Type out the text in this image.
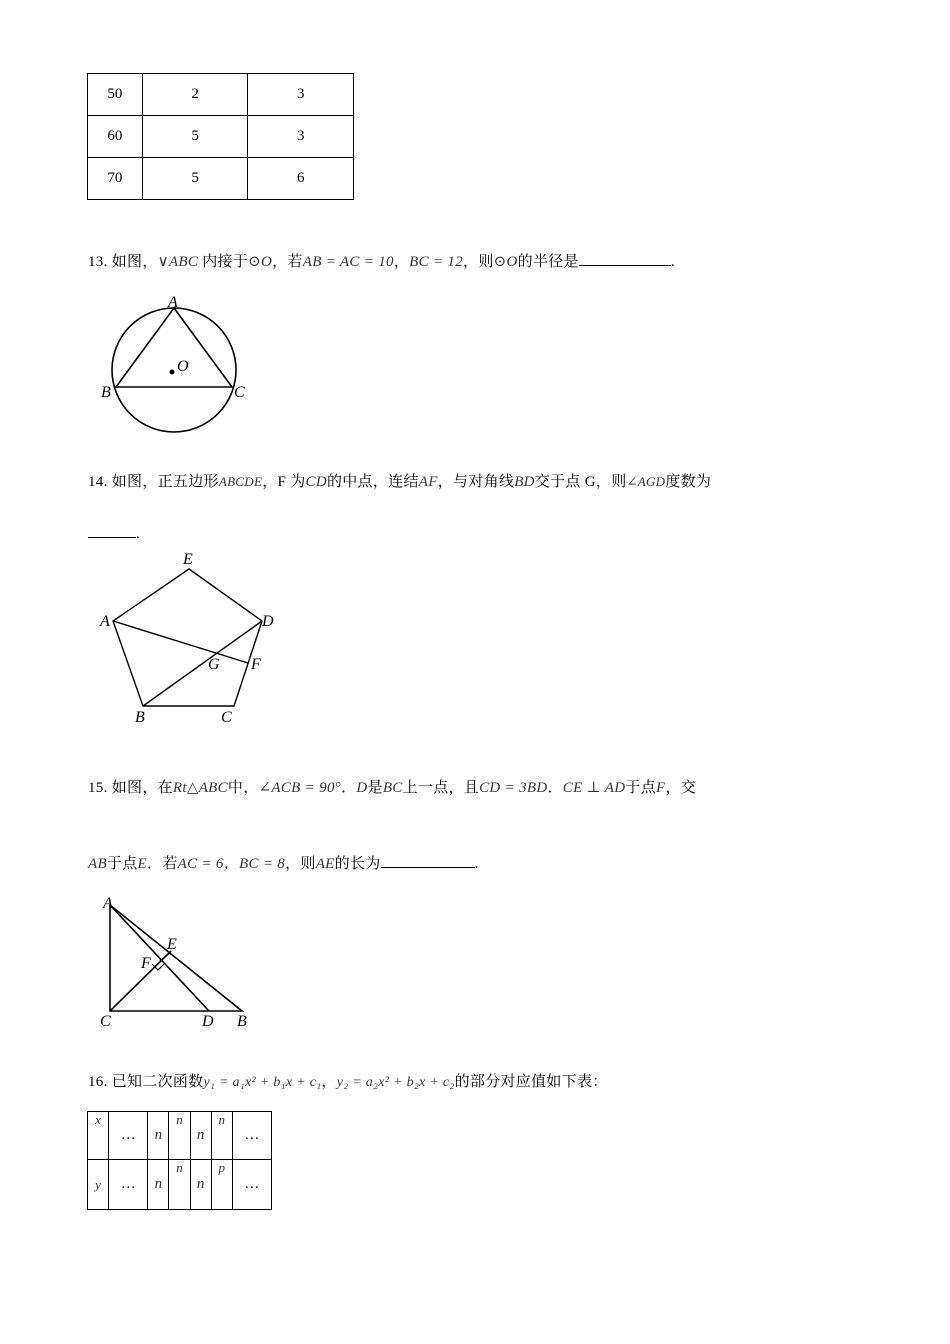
50	2	3
60	5	3
70	5	6
13. 如图，∨ABC 内接于⊙O，若AB = AC = 10，BC = 12，则⊙O的半径是	.
A
B	C
O
14. 如图，正五边形ABCDE，F 为CD的中点，连结AF，与对角线BD交于点 G，则∠AGD度数为
.
E
A	D
G F
B	C
15. 如图，在Rt△ABC中，∠ACB = 90°．D是BC上一点，且CD = 3BD．CE ⊥ AD于点F，交
AB于点E．若AC = 6，BC = 8，则AE的长为	.
A
E
F
C	D B
16. 已知二次函数y₁ = a₁x² + b₁x + c₁，y₂ = a₂x² + b₂x + c₂的部分对应值如下表：
x	…	n	n	n	n	…
y	…	n	n	n	p	…
